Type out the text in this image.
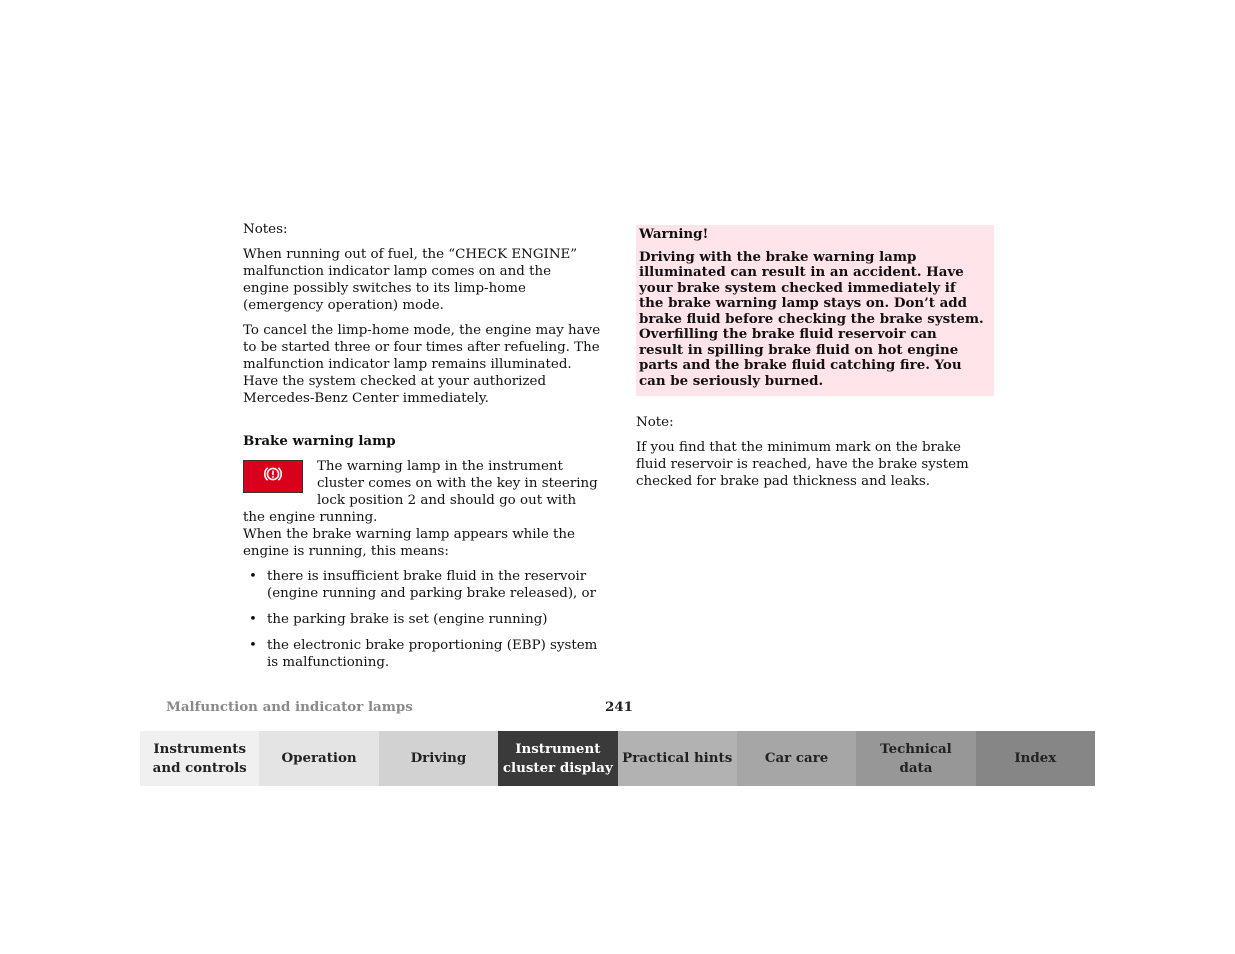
Notes:

When running out of fuel, the “CHECK ENGINE” malfunction indicator lamp comes on and the engine possibly switches to its limp-home (emergency operation) mode.

To cancel the limp-home mode, the engine may have to be started three or four times after refueling. The malfunction indicator lamp remains illuminated. Have the system checked at your authorized Mercedes-Benz Center immediately.

Brake warning lamp

The warning lamp in the instrument cluster comes on with the key in steering lock position 2 and should go out with the engine running.

When the brake warning lamp appears while the engine is running, this means:

• there is insufficient brake fluid in the reservoir (engine running and parking brake released), or
• the parking brake is set (engine running)
• the electronic brake proportioning (EBP) system is malfunctioning.

Warning!

Driving with the brake warning lamp illuminated can result in an accident. Have your brake system checked immediately if the brake warning lamp stays on. Don’t add brake fluid before checking the brake system. Overfilling the brake fluid reservoir can result in spilling brake fluid on hot engine parts and the brake fluid catching fire. You can be seriously burned.

Note:

If you find that the minimum mark on the brake fluid reservoir is reached, have the brake system checked for brake pad thickness and leaks.

Malfunction and indicator lamps	241
Instruments
and controls
Operation	Driving
Instrument
cluster display
Practical hints	Car care
Technical
data
Index
